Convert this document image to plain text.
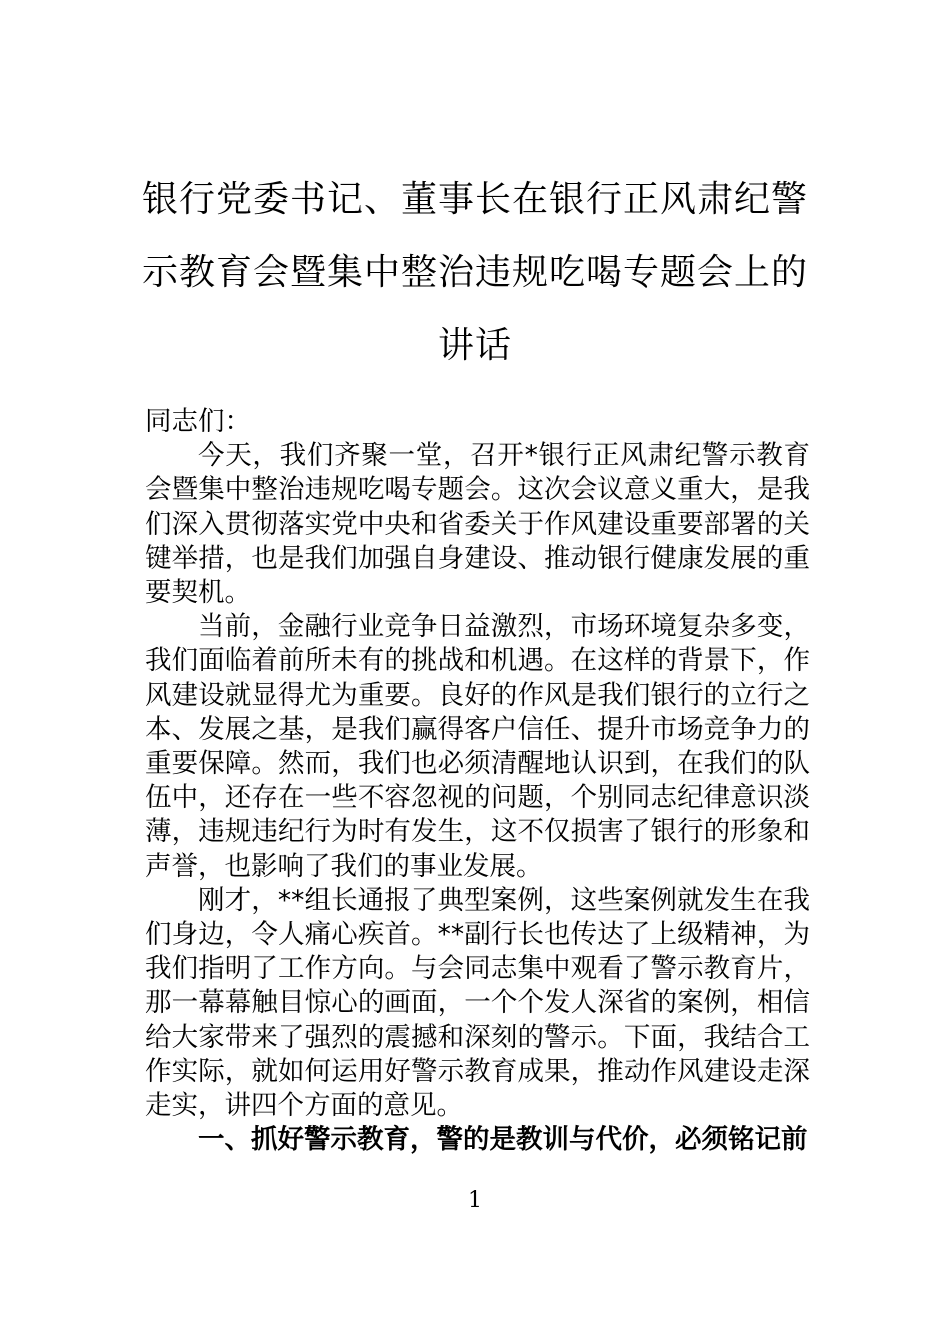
银行党委书记、董事长在银行正风肃纪警示教育会暨集中整治违规吃喝专题会上的讲话

同志们：

今天，我们齐聚一堂，召开*银行正风肃纪警示教育会暨集中整治违规吃喝专题会。这次会议意义重大，是我们深入贯彻落实党中央和省委关于作风建设重要部署的关键举措，也是我们加强自身建设、推动银行健康发展的重要契机。

当前，金融行业竞争日益激烈，市场环境复杂多变，我们面临着前所未有的挑战和机遇。在这样的背景下，作风建设就显得尤为重要。良好的作风是我们银行的立行之本、发展之基，是我们赢得客户信任、提升市场竞争力的重要保障。然而，我们也必须清醒地认识到，在我们的队伍中，还存在一些不容忽视的问题，个别同志纪律意识淡薄，违规违纪行为时有发生，这不仅损害了银行的形象和声誉，也影响了我们的事业发展。

刚才，**组长通报了典型案例，这些案例就发生在我们身边，令人痛心疾首。**副行长也传达了上级精神，为我们指明了工作方向。与会同志集中观看了警示教育片，那一幕幕触目惊心的画面，一个个发人深省的案例，相信给大家带来了强烈的震撼和深刻的警示。下面，我结合工作实际，就如何运用好警示教育成果，推动作风建设走深走实，讲四个方面的意见。

一、抓好警示教育，警的是教训与代价，必须铭记前

1
